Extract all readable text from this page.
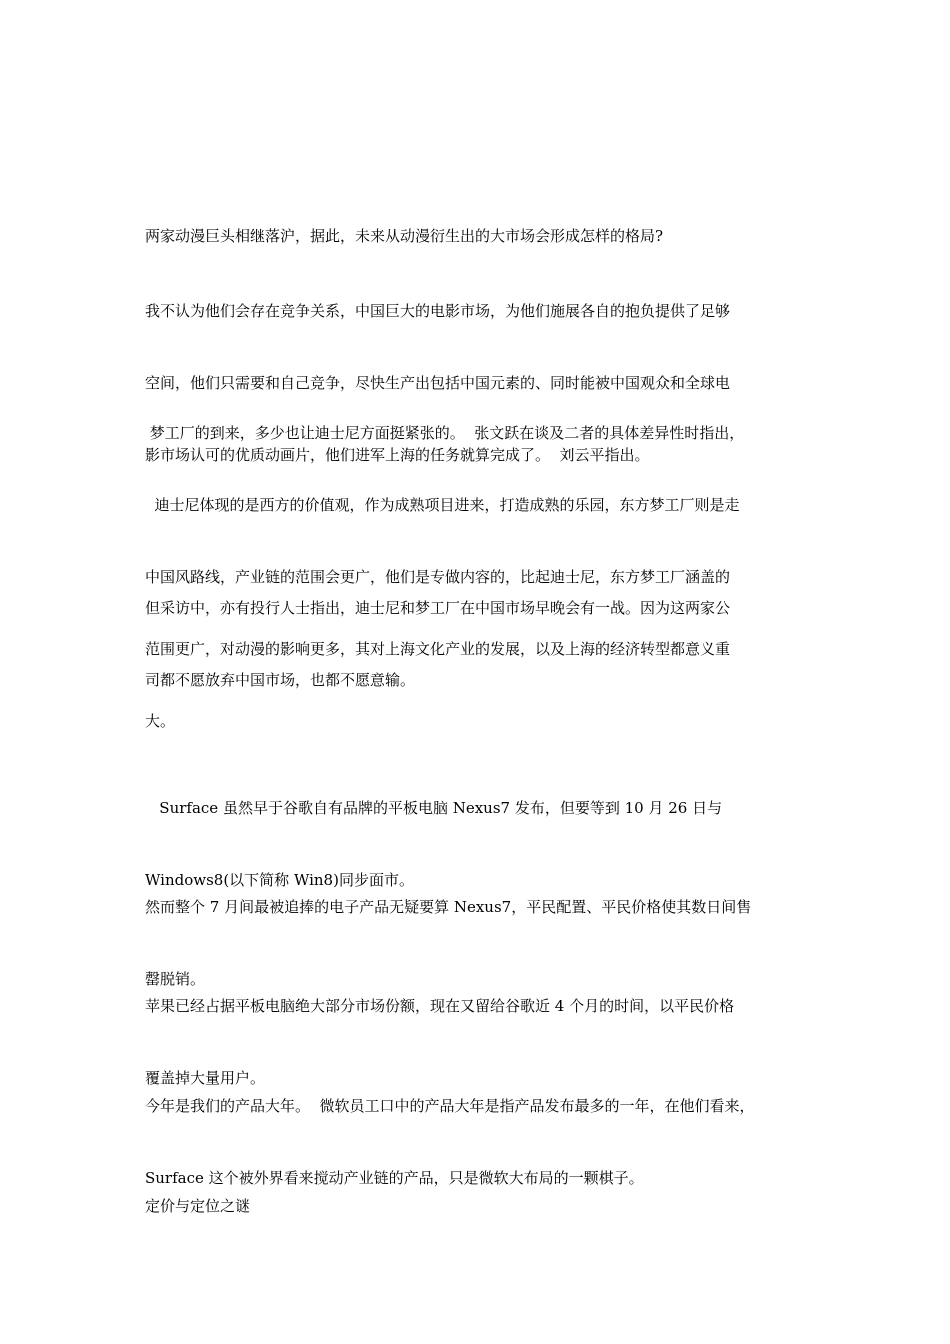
两家动漫巨头相继落沪，据此，未来从动漫衍生出的大市场会形成怎样的格局?

我不认为他们会存在竞争关系，中国巨大的电影市场，为他们施展各自的抱负提供了足够

空间，他们只需要和自己竞争，尽快生产出包括中国元素的、同时能被中国观众和全球电

影市场认可的优质动画片，他们进军上海的任务就算完成了。  刘云平指出。

梦工厂的到来，多少也让迪士尼方面挺紧张的。  张文跃在谈及二者的具体差异性时指出，

迪士尼体现的是西方的价值观，作为成熟项目进来，打造成熟的乐园，东方梦工厂则是走

中国风路线，产业链的范围会更广，他们是专做内容的，比起迪士尼，东方梦工厂涵盖的

范围更广，对动漫的影响更多，其对上海文化产业的发展，以及上海的经济转型都意义重

大。

但采访中，亦有投行人士指出，迪士尼和梦工厂在中国市场早晚会有一战。因为这两家公

司都不愿放弃中国市场，也都不愿意输。

Surface 虽然早于谷歌自有品牌的平板电脑 Nexus7 发布，但要等到 10 月 26 日与

Windows8(以下简称 Win8)同步面市。

然而整个 7 月间最被追捧的电子产品无疑要算 Nexus7，平民配置、平民价格使其数日间售

罄脱销。

苹果已经占据平板电脑绝大部分市场份额，现在又留给谷歌近 4 个月的时间，以平民价格

覆盖掉大量用户。

今年是我们的产品大年。  微软员工口中的产品大年是指产品发布最多的一年，在他们看来，

Surface 这个被外界看来搅动产业链的产品，只是微软大布局的一颗棋子。

定价与定位之谜
